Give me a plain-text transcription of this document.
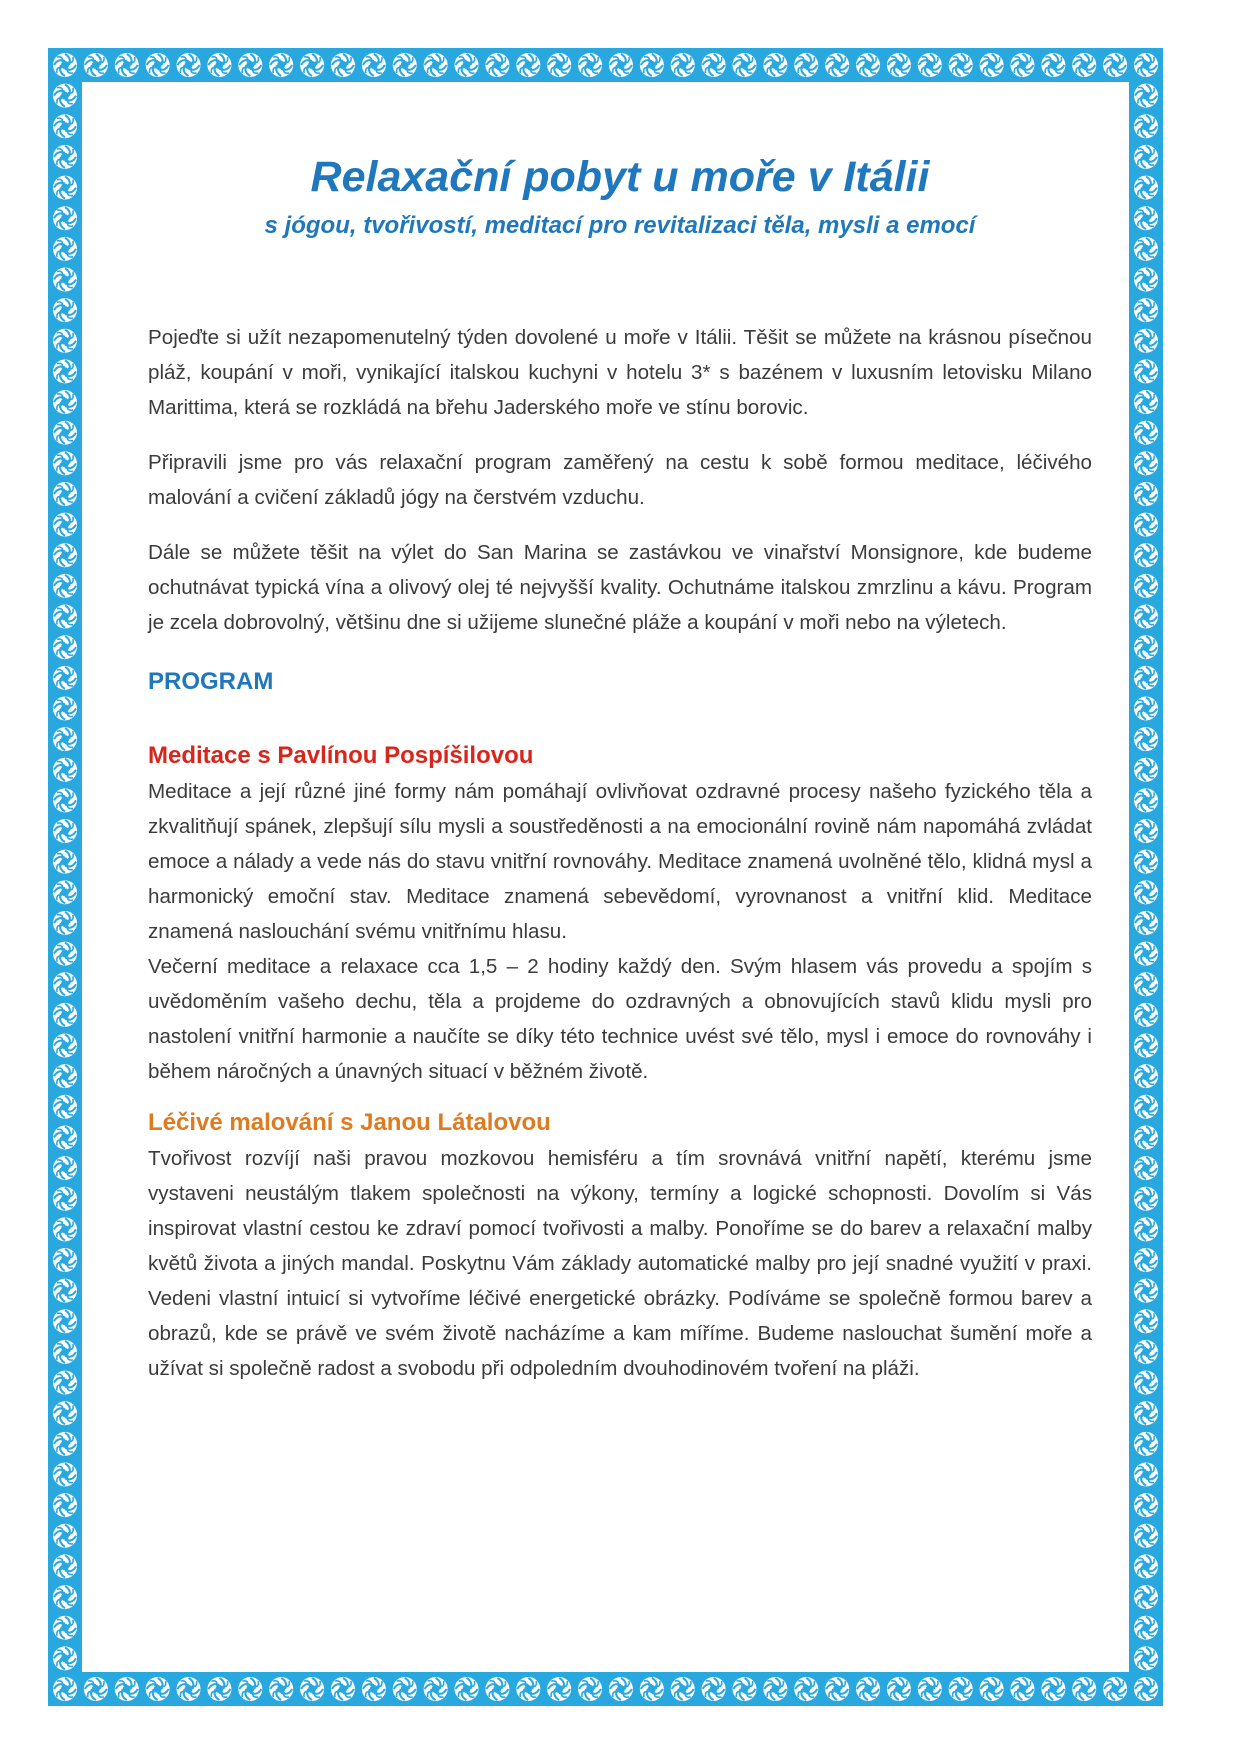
Relaxační pobyt u moře v Itálii

s jógou, tvořivostí, meditací pro revitalizaci těla, mysli a emocí

Pojeďte si užít nezapomenutelný týden dovolené u moře v Itálii. Těšit se můžete na krásnou písečnou pláž, koupání v moři, vynikající italskou kuchyni v hotelu 3* s bazénem v luxusním letovisku Milano Marittima, která se rozkládá na břehu Jaderského moře ve stínu borovic.

Připravili jsme pro vás relaxační program zaměřený na cestu k sobě formou meditace, léčivého malování a cvičení základů jógy na čerstvém vzduchu.

Dále se můžete těšit na výlet do San Marina se zastávkou ve vinařství Monsignore, kde budeme ochutnávat typická vína a olivový olej té nejvyšší kvality. Ochutnáme italskou zmrzlinu a kávu. Program je zcela dobrovolný, většinu dne si užijeme slunečné pláže a koupání v moři nebo na výletech.

PROGRAM
Meditace s Pavlínou Pospíšilovou

Meditace a její různé jiné formy nám pomáhají ovlivňovat ozdravné procesy našeho fyzického těla a zkvalitňují spánek, zlepšují sílu mysli a soustředěnosti a na emocionální rovině nám napomáhá zvládat emoce a nálady a vede nás do stavu vnitřní rovnováhy. Meditace znamená uvolněné tělo, klidná mysl a harmonický emoční stav. Meditace znamená sebevědomí, vyrovnanost a vnitřní klid. Meditace znamená naslouchání svému vnitřnímu hlasu.

Večerní meditace a relaxace cca 1,5 – 2 hodiny každý den. Svým hlasem vás provedu a spojím s uvědoměním vašeho dechu, těla a projdeme do ozdravných a obnovujících stavů klidu mysli pro nastolení vnitřní harmonie a naučíte se díky této technice uvést své tělo, mysl i emoce do rovnováhy i během náročných a únavných situací v běžném životě.

Léčivé malování s Janou Látalovou

Tvořivost rozvíjí naši pravou mozkovou hemisféru a tím srovnává vnitřní napětí, kterému jsme vystaveni neustálým tlakem společnosti na výkony, termíny a logické schopnosti. Dovolím si Vás inspirovat vlastní cestou ke zdraví pomocí tvořivosti a malby. Ponoříme se do barev a relaxační malby květů života a jiných mandal. Poskytnu Vám základy automatické malby pro její snadné využití v praxi. Vedeni vlastní intuicí si vytvoříme léčivé energetické obrázky. Podíváme se společně formou barev a obrazů, kde se právě ve svém životě nacházíme a kam míříme. Budeme naslouchat šumění moře a užívat si společně radost a svobodu při odpoledním dvouhodinovém tvoření na pláži.
